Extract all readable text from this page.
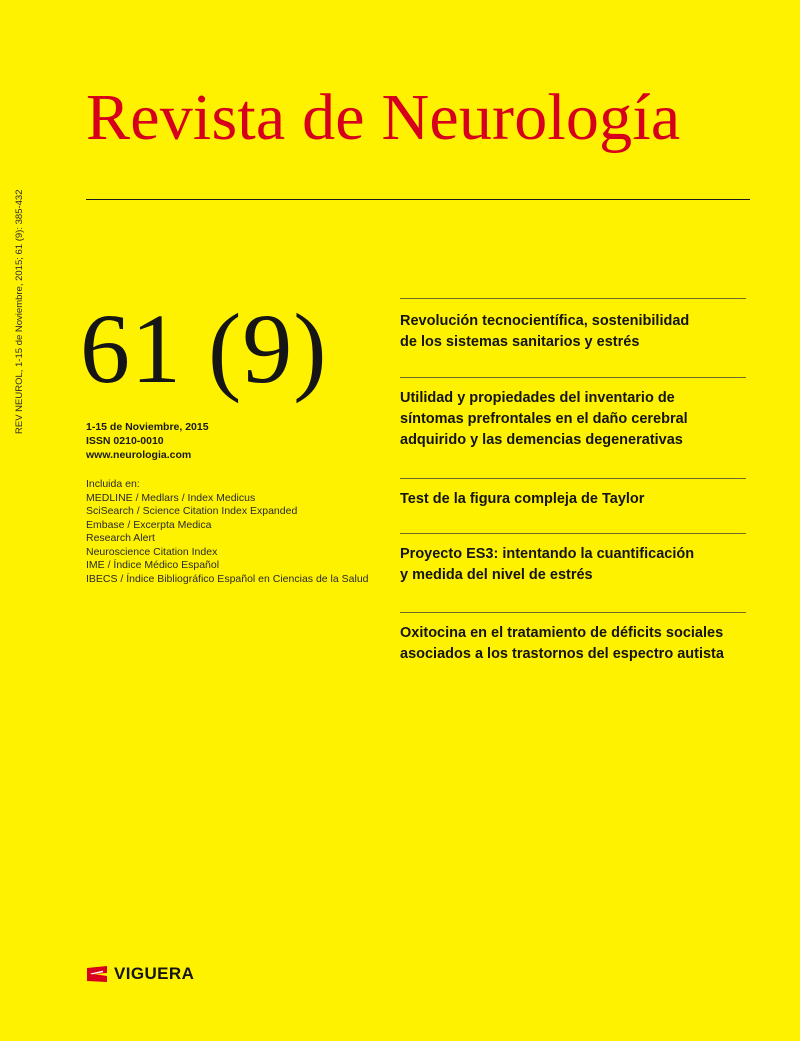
Revista de Neurología
REV NEUROL, 1-15 de Noviembre, 2015; 61 (9): 385-432 61 (9)
1-15 de Noviembre, 2015
ISSN 0210-0010
www.neurologia.com
Incluida en:
MEDLINE / Medlars / Index Medicus
SciSearch / Science Citation Index Expanded
Embase / Excerpta Medica
Research Alert
Neuroscience Citation Index
IME / Índice Médico Español
IBECS / Índice Bibliográfico Español en Ciencias de la Salud
Revolución tecnocientífica, sostenibilidad
de los sistemas sanitarios y estrés
Utilidad y propiedades del inventario de
síntomas prefrontales en el daño cerebral
adquirido y las demencias degenerativas
Test de la figura compleja de Taylor
Proyecto ES3: intentando la cuantificación
y medida del nivel de estrés
Oxitocina en el tratamiento de déficits sociales
asociados a los trastornos del espectro autista
VIGUERA
